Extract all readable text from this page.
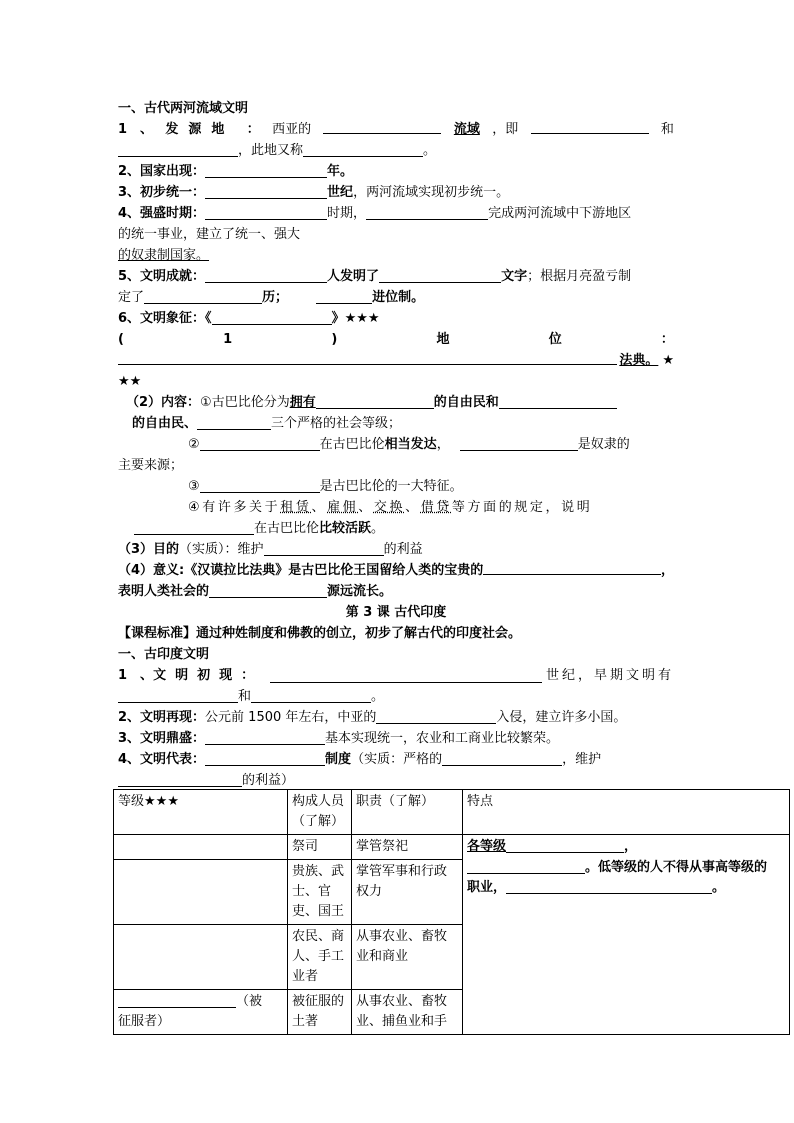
一、古代两河流域文明
1　、 发源地 ： 西亚的	流域 ，即	和
，此地又称	。
2、国家出现：	年。
3、初步统一：	世纪，两河流域实现初步统一。
4、强盛时期：	时期，	完成两河流域中下游地区
的统一事业，建立了统一、强大
的奴隶制国家。
5、文明成就：	人发明了	文字；根据月亮盈亏制
定了	历；	进位制。
6、文明象征：《	》★★★
(	1	)	地	位	：
法典。 ★
★★
（2）内容：①古巴比伦分为拥有	的自由民和
的自由民、	三个严格的社会等级；
②	在古巴比伦相当发达，	是奴隶的
主要来源；
③	是古巴比伦的一大特征。
④有许多关于租赁、雇佣、交换、借贷等方面的规定，说明
在古巴比伦比较活跃。
（3）目的（实质）：维护	的利益
（4）意义 :《汉谟拉比法典》是古巴比伦王国留给人类的宝贵的	，
表明人类社会的	源远流长。
第 3 课 古代印度
【课程标准】通过种姓制度和佛教的创立，初步了解古代的印度社会。
一、古印度文明
1　、 文明初现 ：	世纪，早期文明有
和	。
2、文明再现：公元前 1500 年左右，中亚的	入侵，建立许多小国。
3、文明鼎盛：	基本实现统一，农业和工商业比较繁荣。
4、文明代表：	制度（实质：严格的	，维护
的利益）
等级★★★	构成人员（了解）	职责（了解）	特点
	祭司	掌管祭祀	各等级 ，
。低等级的人不得从事高等级的
职业， 。

	贵族、武士、官吏、国王	掌管军事和行政权力	
	农民、商人、手工业者	从事农业、畜牧业和商业	
（被
征服者）	被征服的土著	从事农业、畜牧业、捕鱼业和手	
